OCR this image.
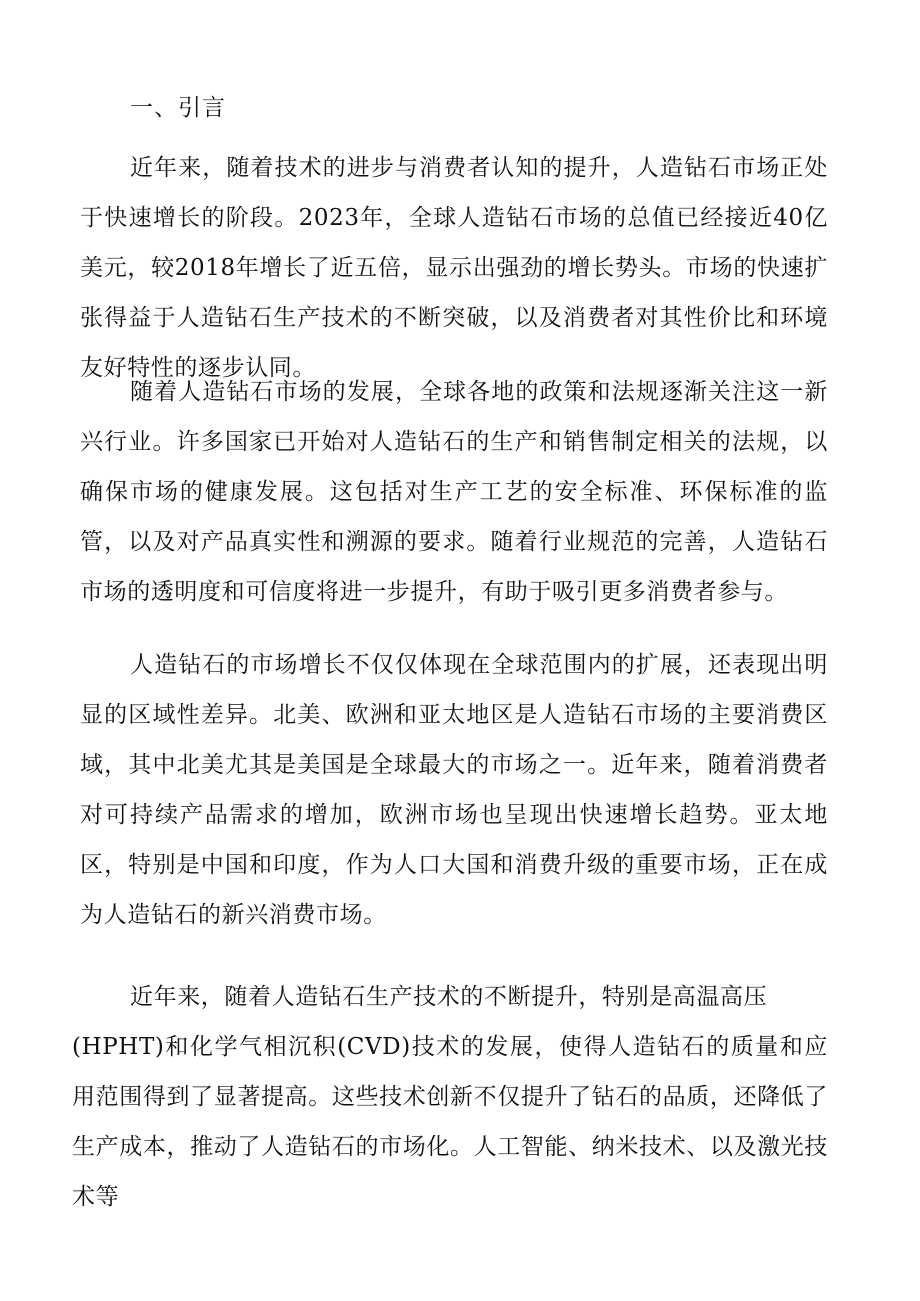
一、引言

近年来，随着技术的进步与消费者认知的提升，人造钻石市场正处于快速增长的阶段。2023年，全球人造钻石市场的总值已经接近40亿美元，较2018年增长了近五倍，显示出强劲的增长势头。市场的快速扩张得益于人造钻石生产技术的不断突破，以及消费者对其性价比和环境友好特性的逐步认同。

随着人造钻石市场的发展，全球各地的政策和法规逐渐关注这一新兴行业。许多国家已开始对人造钻石的生产和销售制定相关的法规，以确保市场的健康发展。这包括对生产工艺的安全标准、环保标准的监管，以及对产品真实性和溯源的要求。随着行业规范的完善，人造钻石市场的透明度和可信度将进一步提升，有助于吸引更多消费者参与。

人造钻石的市场增长不仅仅体现在全球范围内的扩展，还表现出明显的区域性差异。北美、欧洲和亚太地区是人造钻石市场的主要消费区域，其中北美尤其是美国是全球最大的市场之一。近年来，随着消费者对可持续产品需求的增加，欧洲市场也呈现出快速增长趋势。亚太地区，特别是中国和印度，作为人口大国和消费升级的重要市场，正在成为人造钻石的新兴消费市场。

近年来，随着人造钻石生产技术的不断提升，特别是高温高压

(HPHT)和化学气相沉积(CVD)技术的发展，使得人造钻石的质量和应用范围得到了显著提高。这些技术创新不仅提升了钻石的品质，还降低了生产成本，推动了人造钻石的市场化。人工智能、纳米技术、以及激光技术等
